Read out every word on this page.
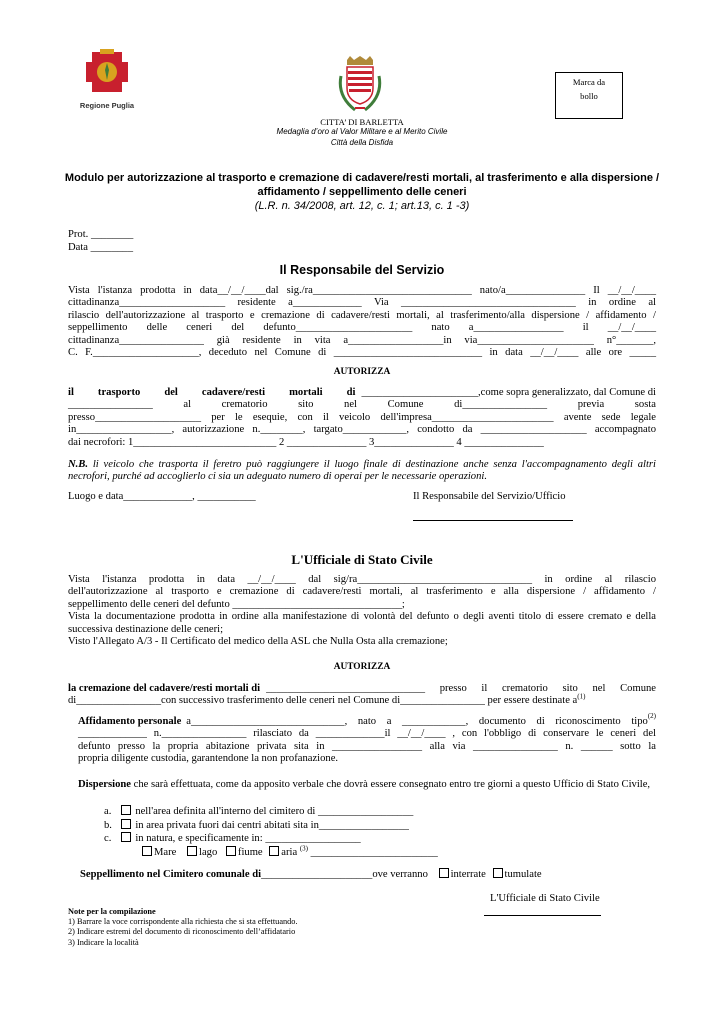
Regione Puglia
Marca da
bollo
CITTA’ DI BARLETTA
Medaglia d’oro al Valor Militare e al Merito Civile
Città della Disfida
Modulo per autorizzazione al trasporto e cremazione di cadavere/resti mortali, al trasferimento e alla dispersione /
affidamento / seppellimento delle ceneri
(L.R. n. 34/2008, art. 12, c. 1; art.13, c. 1 -3)
Prot. ________
Data ________
Il Responsabile del Servizio
Vista l'istanza prodotta in data__/__/____dal sig./ra______________________________ nato/a_______________ Il __/__/____
cittadinanza____________________ residente a_____________ Via _________________________________ in ordine al
rilascio dell'autorizzazione al trasporto e cremazione di cadavere/resti mortali, al trasferimento/alla dispersione / affidamento /
seppellimento delle ceneri del defunto______________________ nato a_________________ il __/__/____
cittadinanza________________ già residente in vita a__________________in via______________________ n°_______,
C. F.____________________, deceduto nel Comune di ____________________________ in data __/__/____ alle ore _____
AUTORIZZA
il trasporto del cadavere/resti mortali di ______________________,come sopra generalizzato, dal Comune di
________________ al crematorio sito nel Comune di________________ previa sosta
presso____________________ per le esequie, con il veicolo dell'impresa_______________________ avente sede legale
in__________________, autorizzazione n.________, targato____________, condotto da ____________________ accompagnato
dai necrofori: 1___________________________ 2 _______________ 3_______________ 4 _______________
N.B. li veicolo che trasporta il feretro può raggiungere il luogo finale di destinazione anche senza l'accompagnamento degli altri necrofori, purché ad accoglierlo ci sia un adeguato numero di operai per le necessarie operazioni.
Luogo e data_____________, ___________	Il Responsabile del Servizio/Ufficio
L'Ufficiale di Stato Civile
Vista l'istanza prodotta in data __/__/____ dal sig/ra_________________________________ in ordine al rilascio
dell'autorizzazione al trasporto e cremazione di cadavere/resti mortali, al trasferimento e alla dispersione / affidamento /
seppellimento delle ceneri del defunto ________________________________;
Vista la documentazione prodotta in ordine alla manifestazione di volontà del defunto o degli aventi titolo di essere cremato e della
successiva destinazione delle ceneri;
Visto l'Allegato A/3 - Il Certificato del medico della ASL che Nulla Osta alla cremazione;
AUTORIZZA
la cremazione del cadavere/resti mortali di ______________________________ presso il crematorio sito nel Comune
di________________con successivo trasferimento delle ceneri nel Comune di________________ per essere destinate $a^{(1)}$
Affidamento personale a_____________________________, nato a ____________, documento di riconoscimento tipo (2)
_____________ n.________________ rilasciato da _____________il __/__/____ , con l'obbligo di conservare le ceneri del
defunto presso la propria abitazione privata sita in _________________ alla via ________________ n. ______ sotto la
propria diligente custodia, garantendone la non profanazione.
Dispersione che sarà effettuata, come da apposito verbale che dovrà essere consegnato entro tre giorni a questo Ufficio di Stato Civile,
a. nell'area definita all'interno del cimitero di __________________
b. in area privata fuori dai centri abitati sita in_________________
c. in natura, e specificamente in: __________________
Mare lago fiume aria $^{(3)}$ ________________________
Seppellimento nel Cimitero comunale di_____________________ove verranno interrate tumulate
L'Ufficiale di Stato Civile
Note per la compilazione
1) Barrare la voce corrispondente alla richiesta che si sta effettuando.
2) Indicare estremi del documento di riconoscimento dell’affidatario
3) Indicare la località
